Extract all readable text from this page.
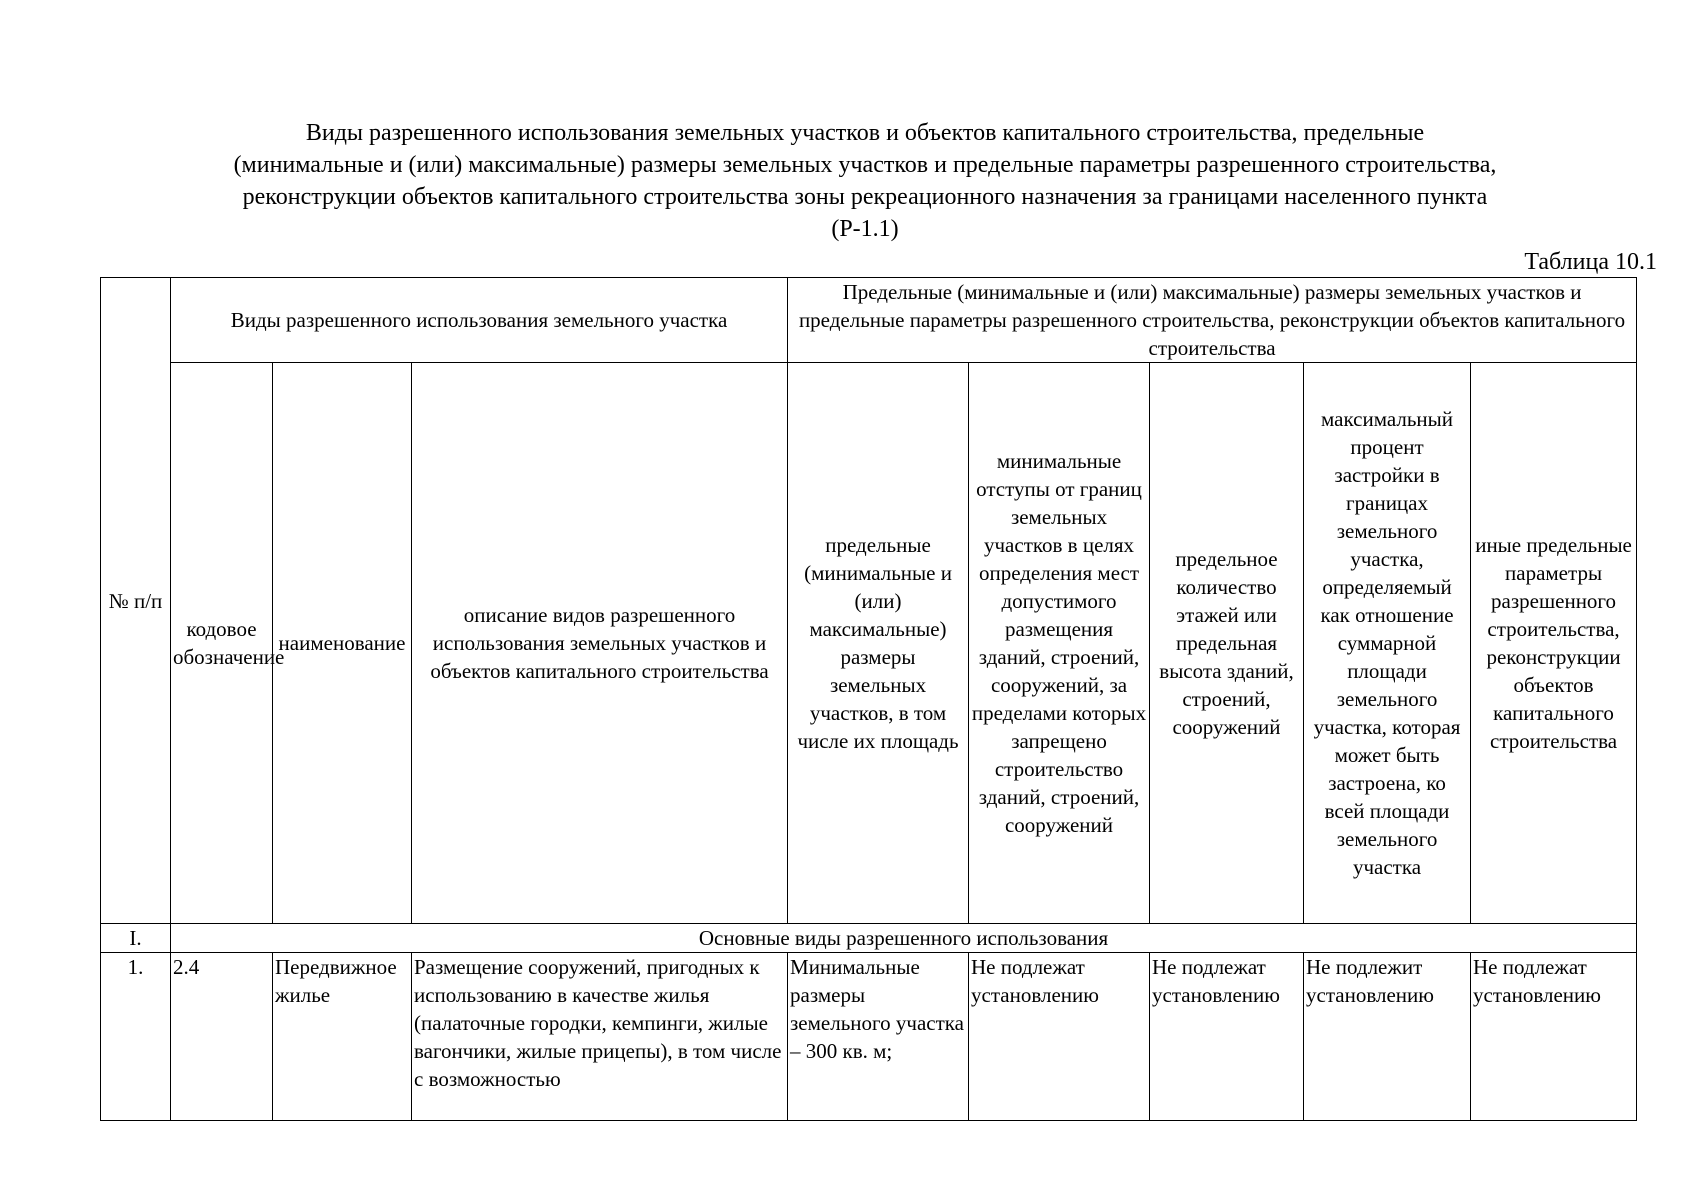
Виды разрешенного использования земельных участков и объектов капитального строительства, предельные
(минимальные и (или) максимальные) размеры земельных участков и предельные параметры разрешенного строительства,
реконструкции объектов капитального строительства зоны рекреационного назначения за границами населенного пункта
(Р-1.1)
Таблица 10.1
№ п/п	Виды разрешенного использования земельного участка			Предельные (минимальные и (или) максимальные) размеры земельных участков и предельные параметры разрешенного строительства, реконструкции объектов капитального строительства				
	кодовое обозначение	наименование	описание видов разрешенного использования земельных участков и объектов капитального строительства	предельные (минимальные и (или) максимальные) размеры земельных участков, в том числе их площадь	минимальные отступы от границ земельных участков в целях определения мест допустимого размещения зданий, строений, сооружений, за пределами которых запрещено строительство зданий, строений, сооружений	предельное количество этажей или предельная высота зданий, строений, сооружений	максимальный процент застройки в границах земельного участка, определяемый как отношение суммарной площади земельного участка, которая может быть застроена, ко всей площади земельного участка	иные предельные параметры разрешенного строительства, реконструкции объектов капитального строительства
I.	Основные виды разрешенного использования							
1.	2.4	Передвижное жилье	Размещение сооружений, пригодных к использованию в качестве жилья (палаточные городки, кемпинги, жилые вагончики, жилые прицепы), в том числе с возможностью	Минимальные размеры земельного участка – 300 кв. м;	Не подлежат установлению	Не подлежат установлению	Не подлежит установлению	Не подлежат установлению
